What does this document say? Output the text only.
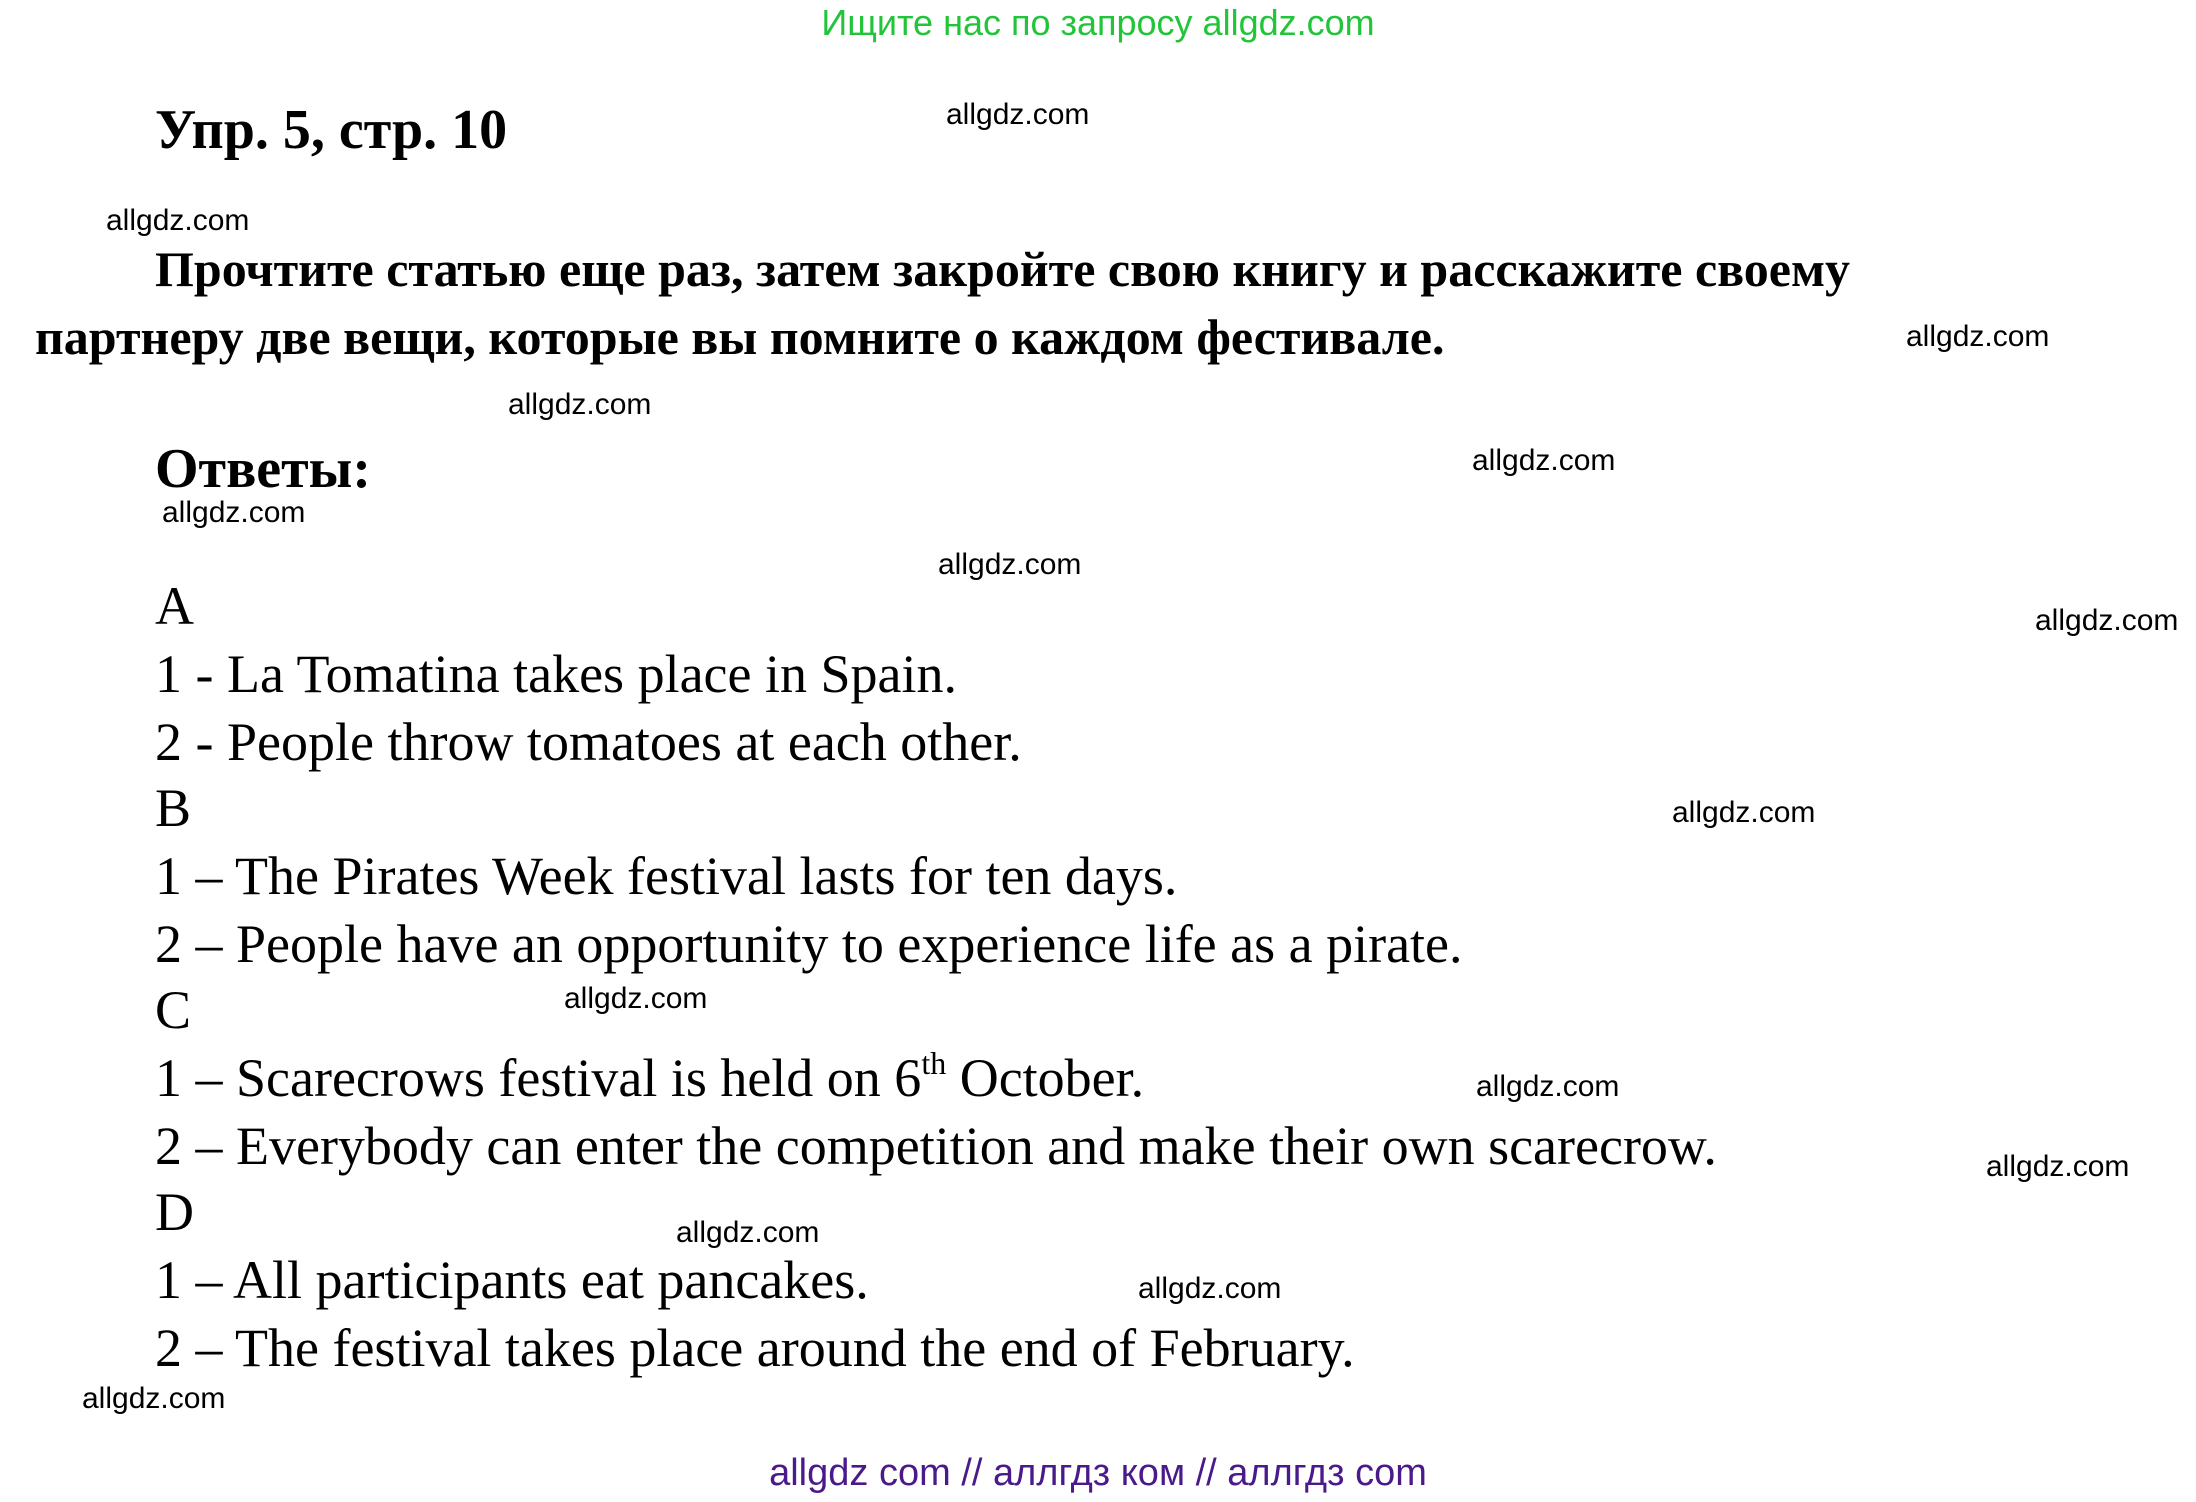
Ищите нас по запросу allgdz.com
Упр. 5, стр. 10
Прочтите статью еще раз, затем закройте свою книгу и расскажите своему
партнеру две вещи, которые вы помните о каждом фестивале.
Ответы:
A
1 - La Tomatina takes place in Spain.
2 - People throw tomatoes at each other.
B
1 – The Pirates Week festival lasts for ten days.
2 – People have an opportunity to experience life as a pirate.
C
1 – Scarecrows festival is held on 6th October.
2 – Everybody can enter the competition and make their own scarecrow.
D
1 – All participants eat pancakes.
2 – The festival takes place around the end of February.
allgdz.com
allgdz.com
allgdz.com
allgdz.com
allgdz.com
allgdz.com
allgdz.com
allgdz.com
allgdz.com
allgdz.com
allgdz.com
allgdz.com
allgdz.com
allgdz.com
allgdz.com
allgdz com // аллгдз ком // аллгдз com
